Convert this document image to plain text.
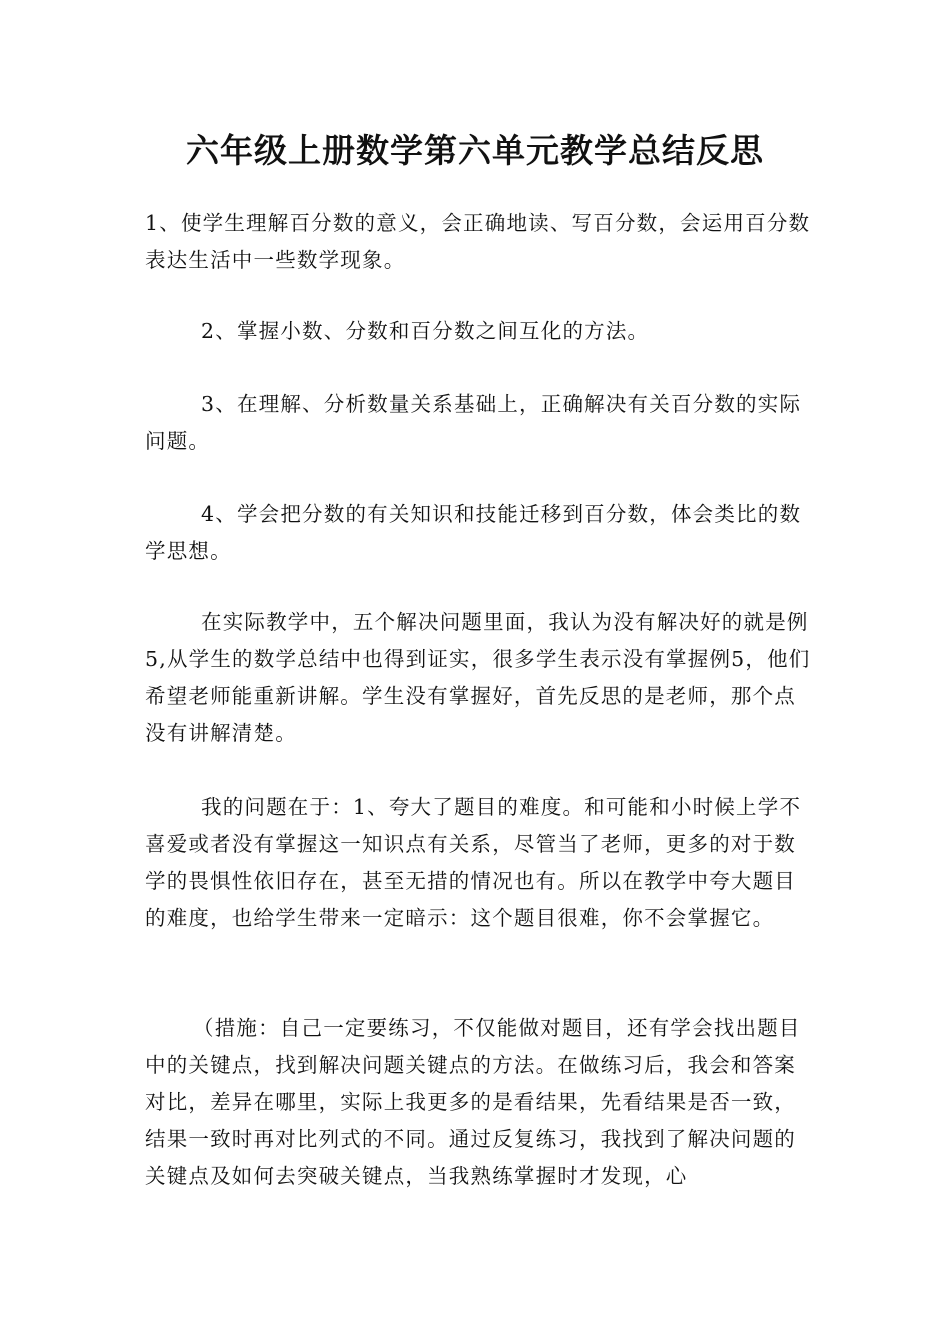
六年级上册数学第六单元教学总结反思

1、使学生理解百分数的意义，会正确地读、写百分数，会运用百分数表达生活中一些数学现象。

2、掌握小数、分数和百分数之间互化的方法。

3、在理解、分析数量关系基础上，正确解决有关百分数的实际问题。

4、学会把分数的有关知识和技能迁移到百分数，体会类比的数学思想。

在实际教学中，五个解决问题里面，我认为没有解决好的就是例5,从学生的数学总结中也得到证实，很多学生表示没有掌握例5，他们希望老师能重新讲解。学生没有掌握好，首先反思的是老师，那个点没有讲解清楚。

我的问题在于：1、夸大了题目的难度。和可能和小时候上学不喜爱或者没有掌握这一知识点有关系，尽管当了老师，更多的对于数学的畏惧性依旧存在，甚至无措的情况也有。所以在教学中夸大题目的难度，也给学生带来一定暗示：这个题目很难，你不会掌握它。

（措施：自己一定要练习，不仅能做对题目，还有学会找出题目中的关键点，找到解决问题关键点的方法。在做练习后，我会和答案对比，差异在哪里，实际上我更多的是看结果，先看结果是否一致，结果一致时再对比列式的不同。通过反复练习，我找到了解决问题的关键点及如何去突破关键点，当我熟练掌握时才发现，心
